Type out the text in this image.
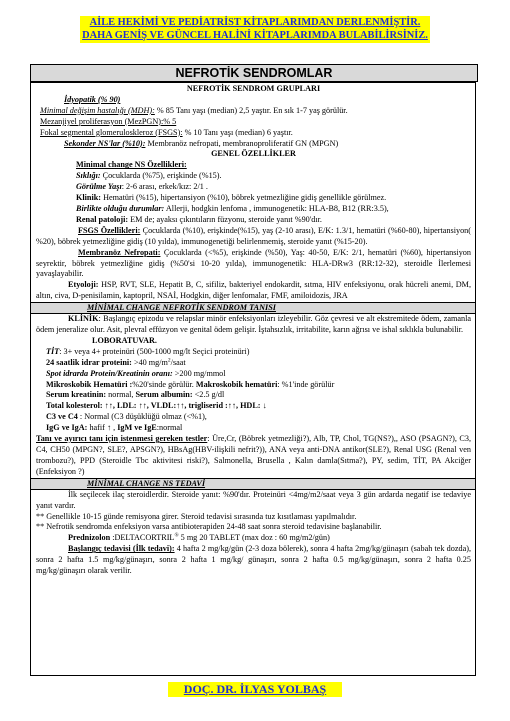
AİLE HEKİMİ VE PEDİATRİST KİTAPLARIMDAN DERLENMİŞTİR.
DAHA GENİŞ VE GÜNCEL HALİNİ KİTAPLARIMDA BULABİLİRSİNİZ.
NEFROTİK SENDROMLAR

NEFROTİK SENDROM GRUPLARI

İdyopatik (% 90)

Minimal değişim hastalığı (MDH): % 85 Tanı yaşı (median) 2,5 yaştır. En sık 1-7 yaş görülür.

Mezanjiyel proliferasyon (MezPGN):% 5

Fokal segmental glomeruloskleroz (FSGS): % 10 Tanı yaşı (median) 6 yaştır.

Sekonder NS'lar (%10): Membranöz nefropati, membranoproliferatif GN (MPGN)

GENEL ÖZELLİKLER

Minimal change NS Özellikleri:

Sıklığı: Çocuklarda (%75), erişkinde (%15).

Görülme Yaşı: 2-6 arası, erkek/kız: 2/1 .

Klinik: Hematüri (%15), hipertansiyon (%10), böbrek yetmezliğine gidiş genellikle görülmez.

Birlikte olduğu durumlar: Allerji, hodgkin lenfoma , immunogenetik: HLA-B8, B12 (RR:3.5),

Renal patoloji: EM de; ayaksı çıkıntıların füzyonu, steroide yanıt %90'dır.

FSGS Özellikleri: Çocuklarda (%10), erişkinde(%15), yaş (2-10 arası), E/K: 1.3/1, hematüri (%60-80), hipertansiyon( %20), böbrek yetmezliğine gidiş (10 yılda), immunogenetiği belirlenmemiş, steroide yanıt (%15-20).

Membranöz Nefropati: Çocuklarda (<%5), erişkinde (%50), Yaş: 40-50, E/K: 2/1, hematüri (%60), hipertansiyon seyrektir, böbrek yetmezliğine gidiş (%50'si 10-20 yılda), immunogenetik: HLA-DRw3 (RR:12-32), steroidle İlerlemesi yavaşlayabilir.

Etyoloji: HSP, RVT, SLE, Hepatit B, C, sifiliz, bakteriyel endokardit, sıtma, HIV enfeksiyonu, orak hücreli anemi, DM, altın, civa, D-penisilamin, kaptopril, NSAİ, Hodgkin, diğer lenfomalar, FMF, amiloidozis, JRA

MİNİMAL CHANGE NEFROTİK SENDROM TANISI

KLİNİK: Başlangıç epizodu ve relapslar minör enfeksiyonları izleyebilir. Göz çevresi ve alt ekstremitede ödem, zamanla ödem jeneralize olur. Asit, plevral effüzyon ve genital ödem gelişir. İştahsızlık, irritabilite, karın ağrısı ve ishal sıklıkla bulunabilir.

LOBORATUVAR.

TİT: 3+ veya 4+ proteinüri (500-1000 mg/lt Seçici proteinüri)

24 saatlik idrar proteini: >40 $mg/m^2$/saat

Spot idrarda Protein/Kreatinin oranı: >200 mg/mmol

Mikroskobik Hematüri :%20'sinde görülür. Makroskobik hematüri: %1'inde görülür

Serum kreatinin: normal, Serum albumin: <2.5 g/dl

Total kolesterol: ↑↑, LDL: ↑↑, VLDL:↑↑, trigliserid :↑↑, HDL: ↓

C3 ve C4 : Normal (C3 düşüklüğü olmaz (<%1),

IgG ve IgA: hafif ↑ , IgM ve IgE:normal

Tanı ve ayırıcı tanı için istenmesi gereken testler: Üre,Cr, (Böbrek yetmezliği?), Alb, TP, Chol, TG(NS?),, ASO (PSAGN?), C3, C4, CH50 (MPGN?, SLE?, APSGN?), HBsAg(HBV-ilişkili nefrit?)), ANA veya anti-DNA antikor(SLE?), Renal USG (Renal ven trombozu?), PPD (Steroidle Tbc aktivitesi riski?), Salmonella, Brusella , Kalın damla(Sıtma?), PY, sedim, TİT, PA Akciğer (Enfeksiyon ?)

MİNİMAL CHANGE NS TEDAVİ

İlk seçilecek ilaç steroidlerdir. Steroide yanıt: %90'dır. Proteinüri <4mg/m2/saat veya 3 gün ardarda negatif ise tedaviye yanıt vardır.

** Genellikle 10-15 günde remisyona girer. Steroid tedavisi sırasında tuz kısıtlaması yapılmalıdır.

** Nefrotik sendromda enfeksiyon varsa antibioterapiden 24-48 saat sonra steroid tedavisine başlanabilir.

Prednizolon :DELTACORTRIL® 5 mg 20 TABLET (max doz : 60 mg/m2/gün)

Başlangıç tedavisi (İlk tedavi): 4 hafta 2 mg/kg/gün (2-3 doza bölerek), sonra 4 hafta 2mg/kg/günaşırı (sabah tek dozda), sonra 2 hafta 1.5 mg/kg/günaşırı, sonra 2 hafta 1 mg/kg/ günaşırı, sonra 2 hafta 0.5 mg/kg/günaşırı, sonra 2 hafta 0.25 mg/kg/günaşırı olarak verilir.

DOÇ. DR. İLYAS YOLBAŞ
